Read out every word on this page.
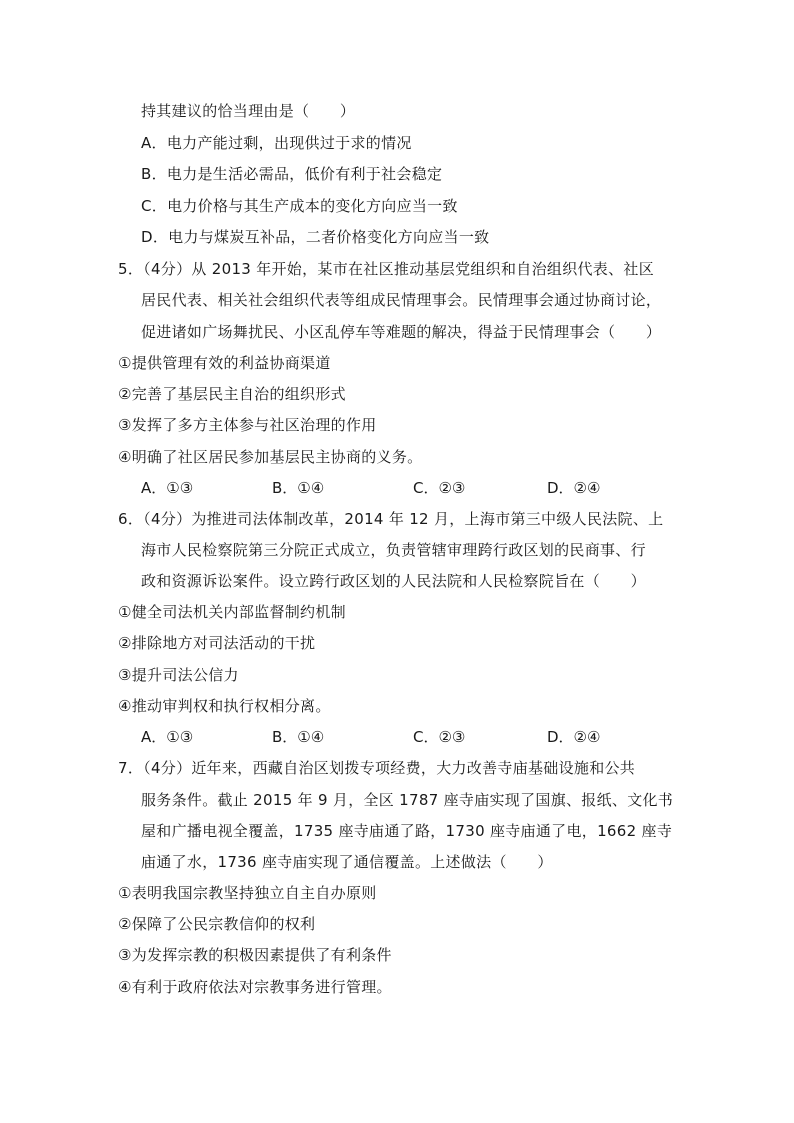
持其建议的恰当理由是（　　）
A．电力产能过剩，出现供过于求的情况
B．电力是生活必需品，低价有利于社会稳定
C．电力价格与其生产成本的变化方向应当一致
D．电力与煤炭互补品，二者价格变化方向应当一致
5．（4分）从 2013 年开始，某市在社区推动基层党组织和自治组织代表、社区
居民代表、相关社会组织代表等组成民情理事会。民情理事会通过协商讨论，
促进诸如广场舞扰民、小区乱停车等难题的解决，得益于民情理事会（　　）
①提供管理有效的利益协商渠道
②完善了基层民主自治的组织形式
③发挥了多方主体参与社区治理的作用
④明确了社区居民参加基层民主协商的义务。
A．①③	B．①④	C．②③	D．②④
6．（4分）为推进司法体制改革，2014 年 12 月，上海市第三中级人民法院、上
海市人民检察院第三分院正式成立，负责管辖审理跨行政区划的民商事、行
政和资源诉讼案件。设立跨行政区划的人民法院和人民检察院旨在（　　）
①健全司法机关内部监督制约机制
②排除地方对司法活动的干扰
③提升司法公信力
④推动审判权和执行权相分离。
A．①③	B．①④	C．②③	D．②④
7．（4分）近年来，西藏自治区划拨专项经费，大力改善寺庙基础设施和公共
服务条件。截止 2015 年 9 月，全区 1787 座寺庙实现了国旗、报纸、文化书
屋和广播电视全覆盖，1735 座寺庙通了路，1730 座寺庙通了电，1662 座寺
庙通了水，1736 座寺庙实现了通信覆盖。上述做法（　　）
①表明我国宗教坚持独立自主自办原则
②保障了公民宗教信仰的权利
③为发挥宗教的积极因素提供了有利条件
④有利于政府依法对宗教事务进行管理。
